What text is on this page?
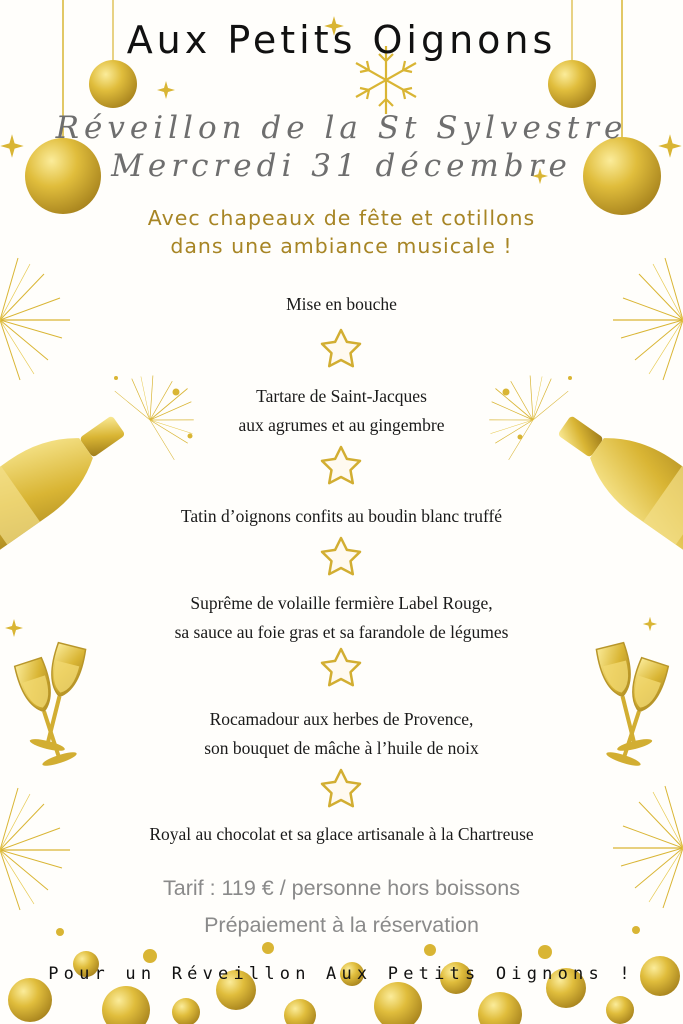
Aux Petits Oignons

Réveillon de la St Sylvestre

Mercredi 31 décembre

Avec chapeaux de fête et cotillons

dans une ambiance musicale !

Mise en bouche

Tartare de Saint-Jacques

aux agrumes et au gingembre

Tatin d’oignons confits au boudin blanc truffé

Suprême de volaille fermière Label Rouge,

sa sauce au foie gras et sa farandole de légumes

Rocamadour aux herbes de Provence,

son bouquet de mâche à l’huile de noix

Royal au chocolat et sa glace artisanale à la Chartreuse

Tarif : 119 € / personne hors boissons

Prépaiement à la réservation

Pour un Réveillon Aux Petits Oignons !
